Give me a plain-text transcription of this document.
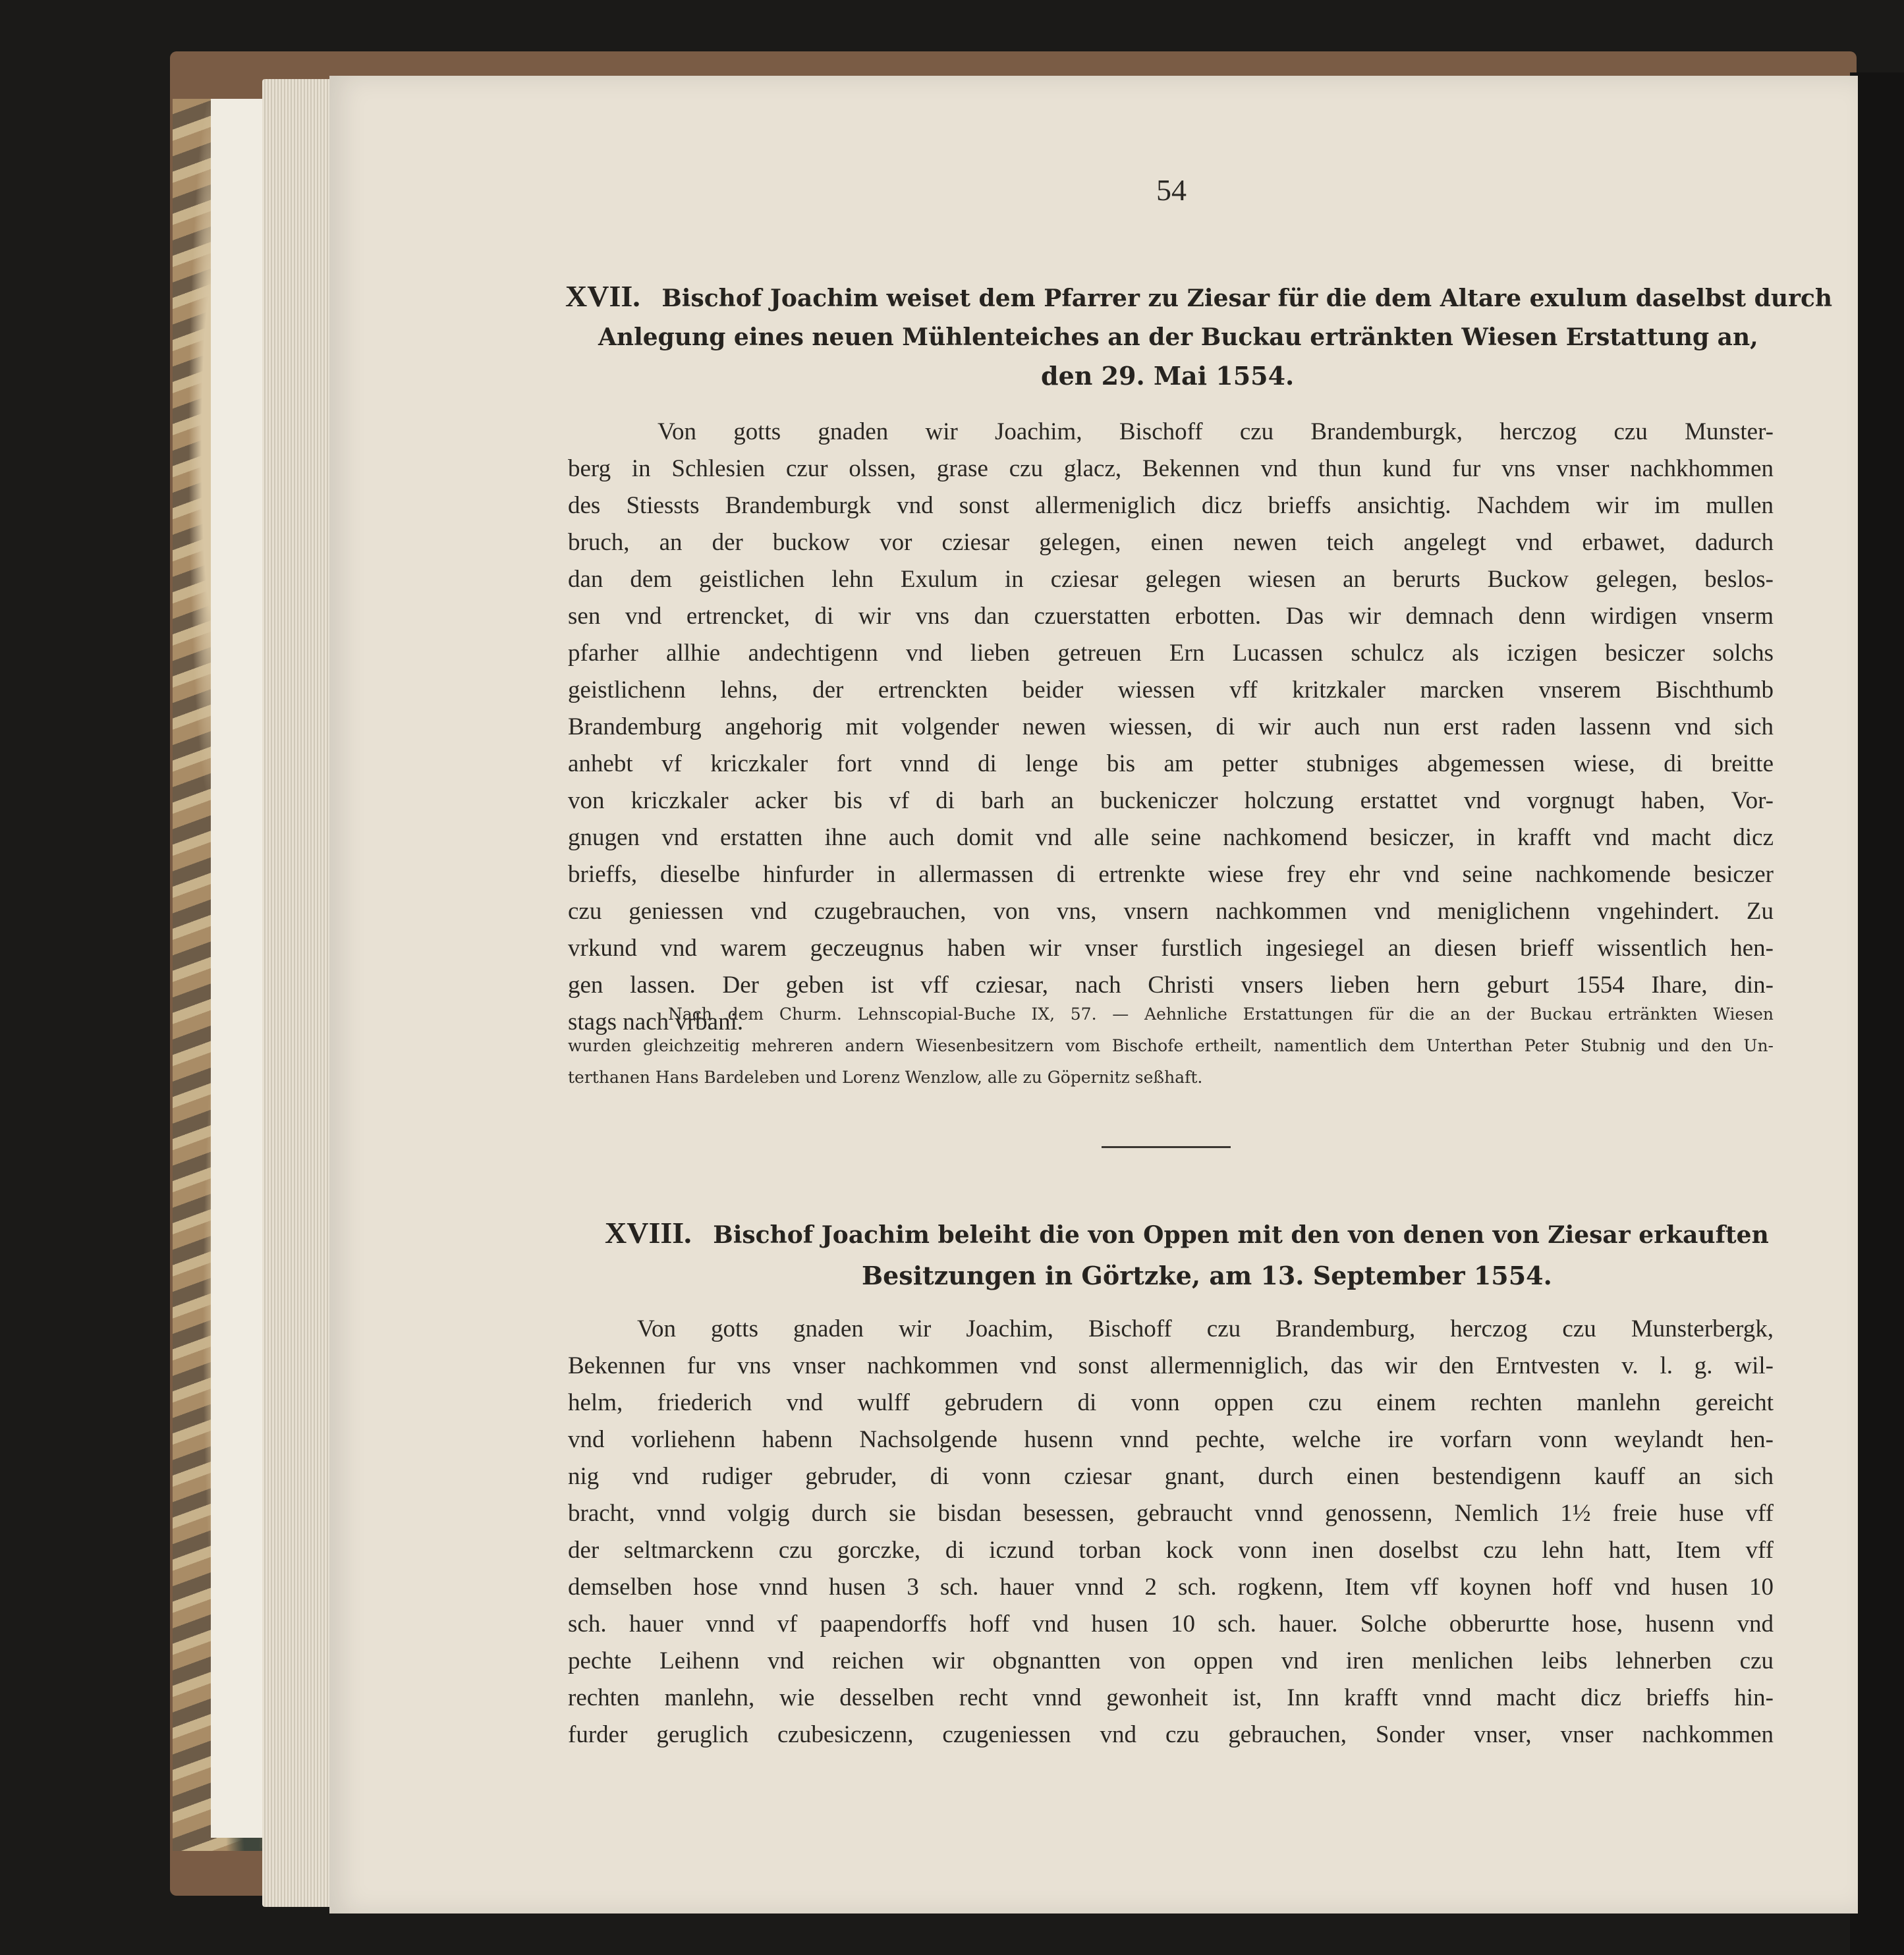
54
XVII. Bischof Joachim weiset dem Pfarrer zu Ziesar für die dem Altare exulum daselbst durch
Anlegung eines neuen Mühlenteiches an der Buckau ertränkten Wiesen Erstattung an,
den 29. Mai 1554.
Von gotts gnaden wir Joachim, Bischoff czu Brandemburgk, herczog czu Munster-
berg in Schlesien czur olssen, grase czu glacz, Bekennen vnd thun kund fur vns vnser nachkhommen
des Stiessts Brandemburgk vnd sonst allermeniglich dicz brieffs ansichtig. Nachdem wir im mullen
bruch, an der buckow vor cziesar gelegen, einen newen teich angelegt vnd erbawet, dadurch
dan dem geistlichen lehn Exulum in cziesar gelegen wiesen an berurts Buckow gelegen, beslos-
sen vnd ertrencket, di wir vns dan czuerstatten erbotten. Das wir demnach denn wirdigen vnserm
pfarher allhie andechtigenn vnd lieben getreuen Ern Lucassen schulcz als iczigen besiczer solchs
geistlichenn lehns, der ertrenckten beider wiessen vff kritzkaler marcken vnserem Bischthumb
Brandemburg angehorig mit volgender newen wiessen, di wir auch nun erst raden lassenn vnd sich
anhebt vf kriczkaler fort vnnd di lenge bis am petter stubniges abgemessen wiese, di breitte
von kriczkaler acker bis vf di barh an buckeniczer holczung erstattet vnd vorgnugt haben, Vor-
gnugen vnd erstatten ihne auch domit vnd alle seine nachkomend besiczer, in krafft vnd macht dicz
brieffs, dieselbe hinfurder in allermassen di ertrenkte wiese frey ehr vnd seine nachkomende besiczer
czu geniessen vnd czugebrauchen, von vns, vnsern nachkommen vnd meniglichenn vngehindert. Zu
vrkund vnd warem geczeugnus haben wir vnser furstlich ingesiegel an diesen brieff wissentlich hen-
gen lassen. Der geben ist vff cziesar, nach Christi vnsers lieben hern geburt 1554 Ihare, din-
stags nach vrbani.
Nach dem Churm. Lehnscopial-Buche IX, 57. — Aehnliche Erstattungen für die an der Buckau ertränkten Wiesen
wurden gleichzeitig mehreren andern Wiesenbesitzern vom Bischofe ertheilt, namentlich dem Unterthan Peter Stubnig und den Un-
terthanen Hans Bardeleben und Lorenz Wenzlow, alle zu Göpernitz seßhaft.
XVIII. Bischof Joachim beleiht die von Oppen mit den von denen von Ziesar erkauften
Besitzungen in Görtzke, am 13. September 1554.
Von gotts gnaden wir Joachim, Bischoff czu Brandemburg, herczog czu Munsterbergk,
Bekennen fur vns vnser nachkommen vnd sonst allermenniglich, das wir den Erntvesten v. l. g. wil-
helm, friederich vnd wulff gebrudern di vonn oppen czu einem rechten manlehn gereicht
vnd vorliehenn habenn Nachsolgende husenn vnnd pechte, welche ire vorfarn vonn weylandt hen-
nig vnd rudiger gebruder, di vonn cziesar gnant, durch einen bestendigenn kauff an sich
bracht, vnnd volgig durch sie bisdan besessen, gebraucht vnnd genossenn, Nemlich 1½ freie huse vff
der seltmarckenn czu gorczke, di iczund torban kock vonn inen doselbst czu lehn hatt, Item vff
demselben hose vnnd husen 3 sch. hauer vnnd 2 sch. rogkenn, Item vff koynen hoff vnd husen 10
sch. hauer vnnd vf paapendorffs hoff vnd husen 10 sch. hauer. Solche obberurtte hose, husenn vnd
pechte Leihenn vnd reichen wir obgnantten von oppen vnd iren menlichen leibs lehnerben czu
rechten manlehn, wie desselben recht vnnd gewonheit ist, Inn krafft vnnd macht dicz brieffs hin-
furder geruglich czubesiczenn, czugeniessen vnd czu gebrauchen, Sonder vnser, vnser nachkommen
